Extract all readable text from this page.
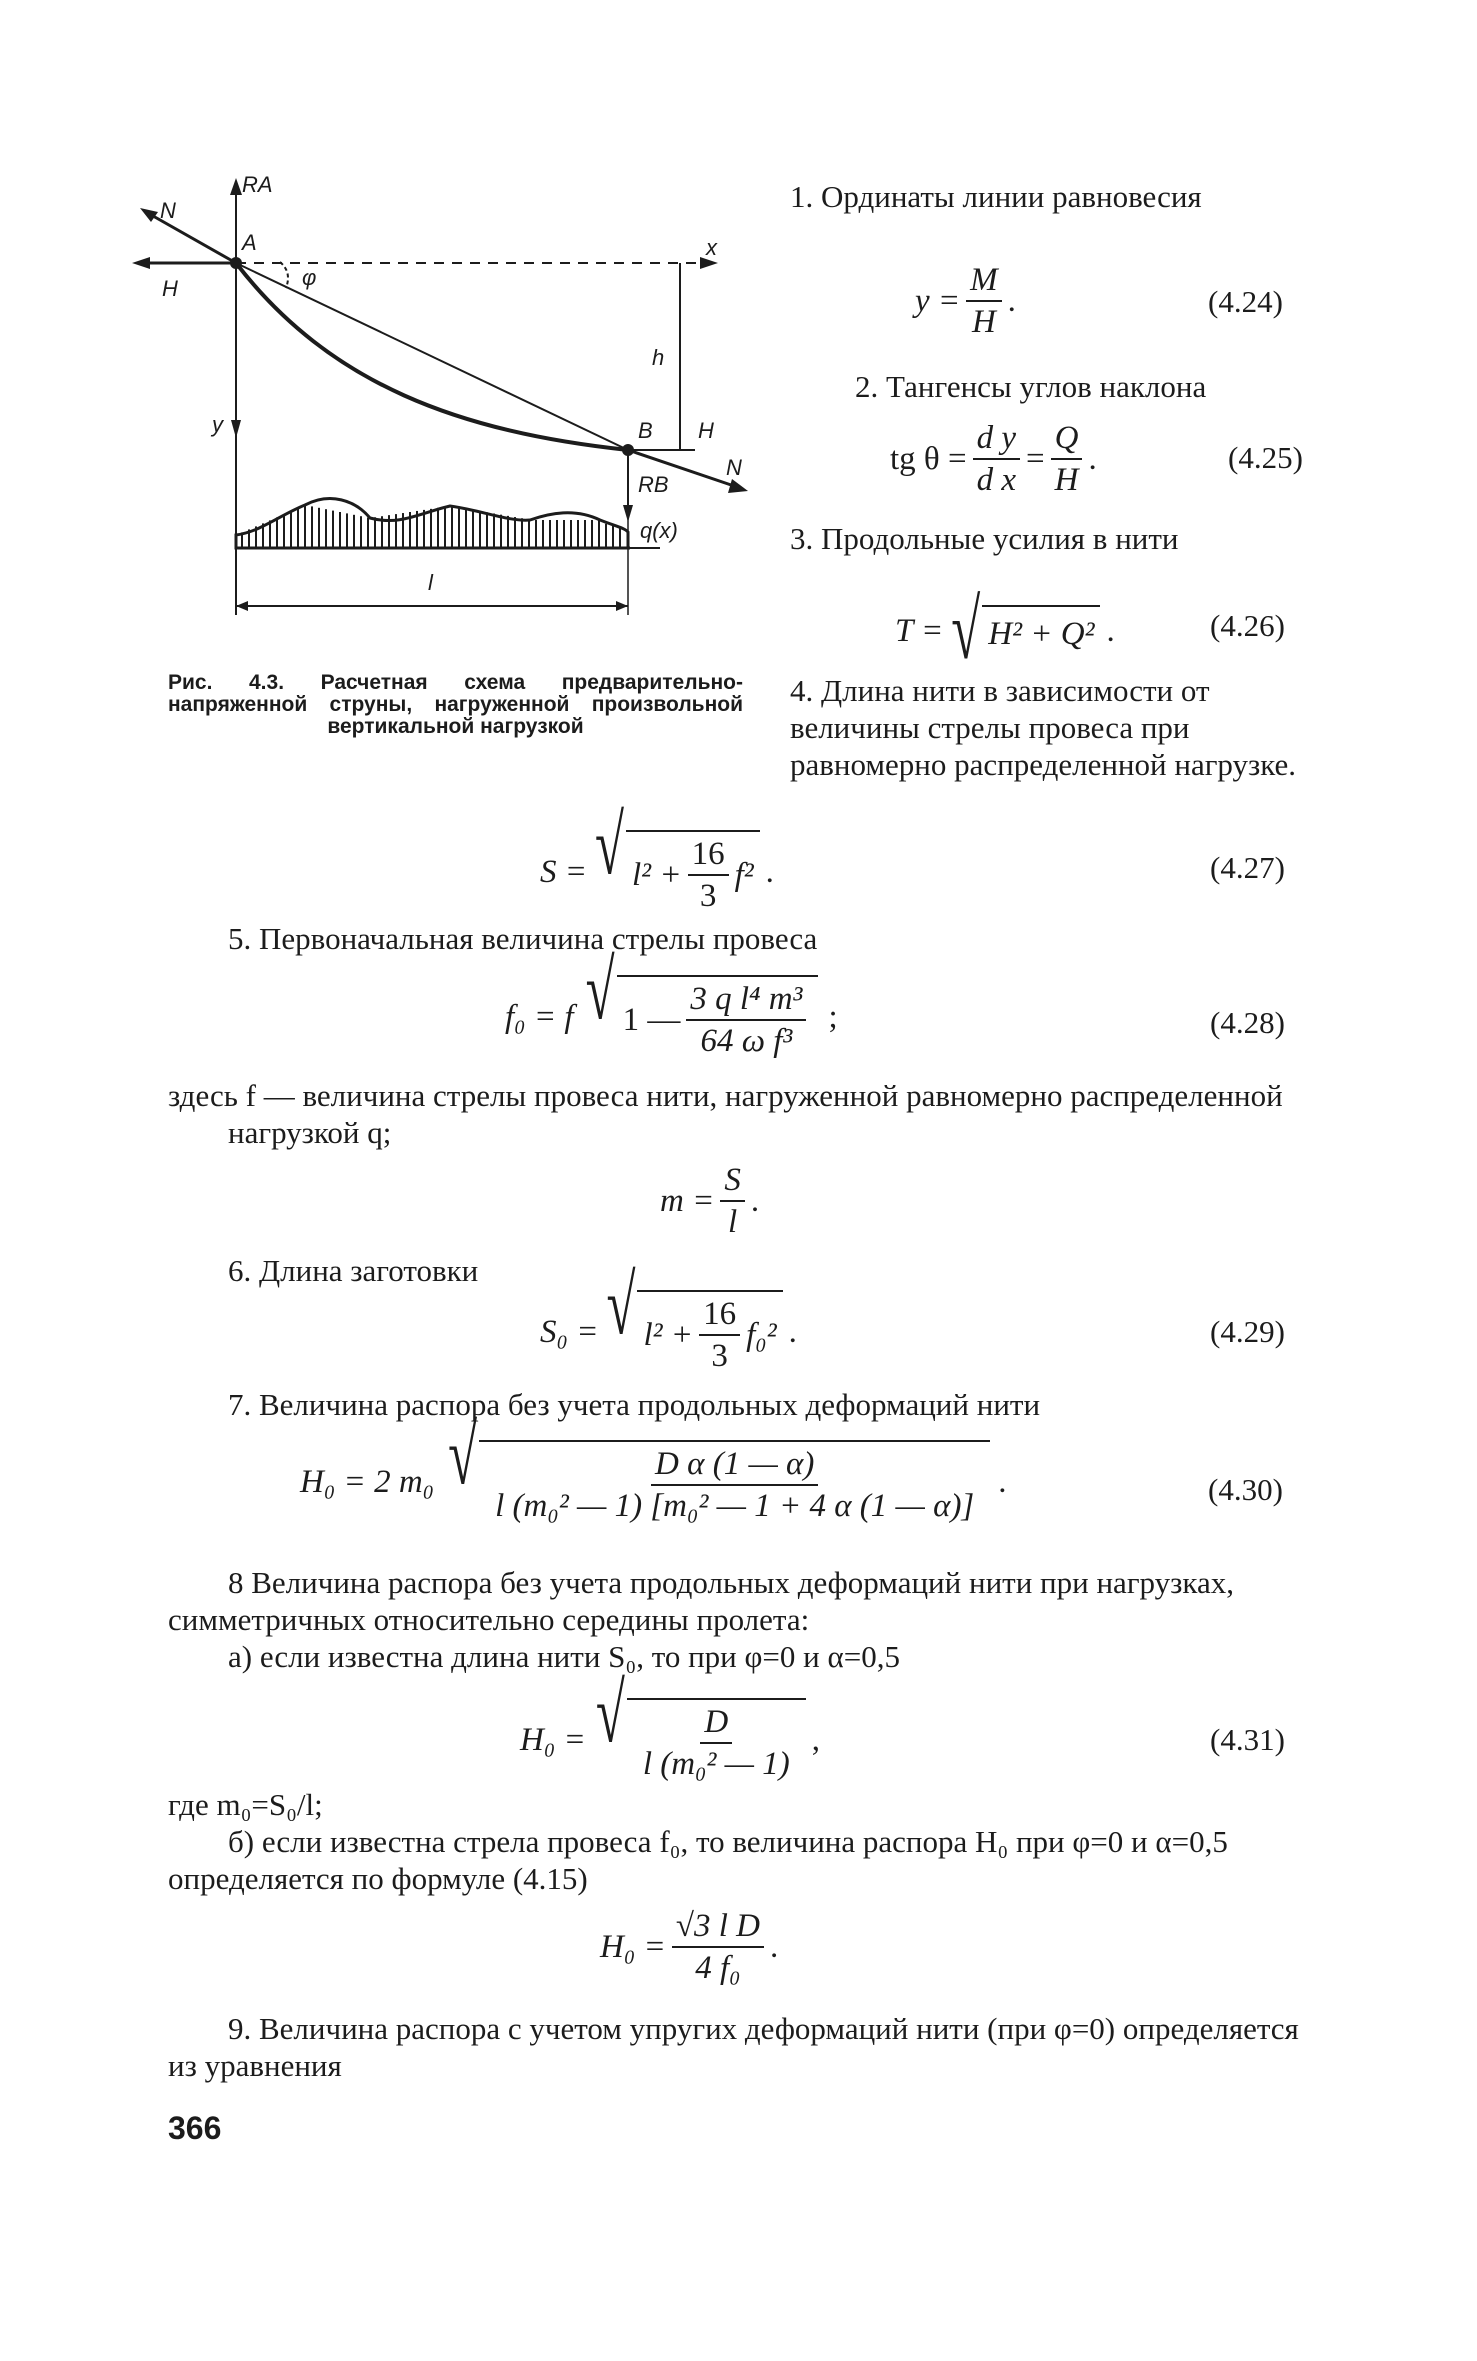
N
RA
A
H	φ
x
h
y	B H
N
RB
q(x)
l
Рис. 4.3. Расчетная схема предварительно-напряженной струны, нагруженной произвольной вертикальной нагрузкой
1. Ординаты линии равновесия
$y = \frac{M}{H}$ .	(4.24)
2. Тангенсы углов наклона
tg $\theta = \frac{\text{d y}}{\text{d x}} = \frac{Q}{H}$ .	(4.25)
3. Продольные усилия в нити
T = √ H² + Q² .	(4.26)
4. Длина нити в зависимости от величины стрелы провеса при равномерно распределенной нагрузке.
S = √ $l^2 + \frac{16}{3} f^2$ .	(4.27)
5. Первоначальная величина стрелы провеса
f₀ = f √ 1 — $\frac{\text{3 q l⁴ m³}}{\text{64 ω f³}}$ ;	(4.28)
здесь f — величина стрелы провеса нити, нагруженной равномерно распределенной нагрузкой q;
$m = \frac{S}{l}$ .
6. Длина заготовки
S₀ = √ $l^2 + \frac{16}{3} f_0^2$ .	(4.29)
7. Величина распора без учета продольных деформаций нити
H₀ = 2 m₀ √ $\frac{\text{D α (1 — α)}}{\text{l (m₀² — 1) [m₀² — 1 + 4 α (1 — α)]}}$ .	(4.30)
8 Величина распора без учета продольных деформаций нити при нагрузках, симметричных относительно середины пролета:
а) если известна длина нити S₀, то при φ=0 и α=0,5
H₀ = √ $\frac{D}{\text{l (m₀² — 1)}}$ ,	(4.31)
где m₀=S₀/l;
б) если известна стрела провеса f₀, то величина распора H₀ при φ=0 и α=0,5 определяется по формуле (4.15)
$H_0 = \frac{\text{√3 l D}}{\text{4 f₀}}$ .
9. Величина распора с учетом упругих деформаций нити (при φ=0) определяется из уравнения
366
